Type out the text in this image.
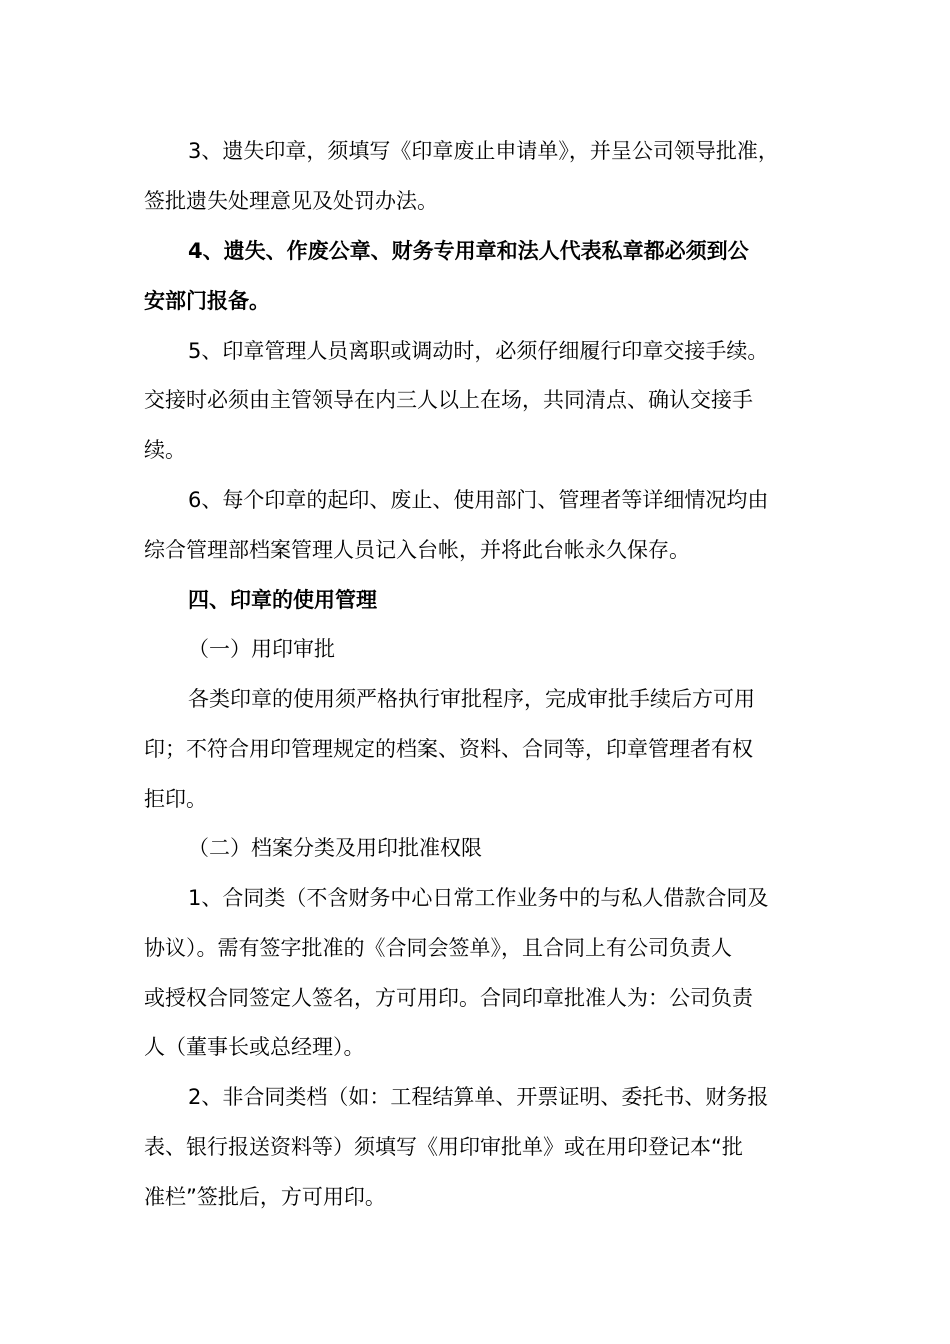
3、遗失印章，须填写《印章废止申请单》，并呈公司领导批准，
签批遗失处理意见及处罚办法。
4、遗失、作废公章、财务专用章和法人代表私章都必须到公
安部门报备。
5、印章管理人员离职或调动时，必须仔细履行印章交接手续。
交接时必须由主管领导在内三人以上在场，共同清点、确认交接手
续。
6、每个印章的起印、废止、使用部门、管理者等详细情况均由
综合管理部档案管理人员记入台帐，并将此台帐永久保存。
四、印章的使用管理
（一）用印审批
各类印章的使用须严格执行审批程序，完成审批手续后方可用
印；不符合用印管理规定的档案、资料、合同等，印章管理者有权
拒印。
（二）档案分类及用印批准权限
1、合同类（不含财务中心日常工作业务中的与私人借款合同及
协议）。需有签字批准的《合同会签单》，且合同上有公司负责人
或授权合同签定人签名，方可用印。合同印章批准人为：公司负责
人（董事长或总经理）。
2、非合同类档（如：工程结算单、开票证明、委托书、财务报
表、银行报送资料等）须填写《用印审批单》或在用印登记本“批
准栏”签批后，方可用印。
